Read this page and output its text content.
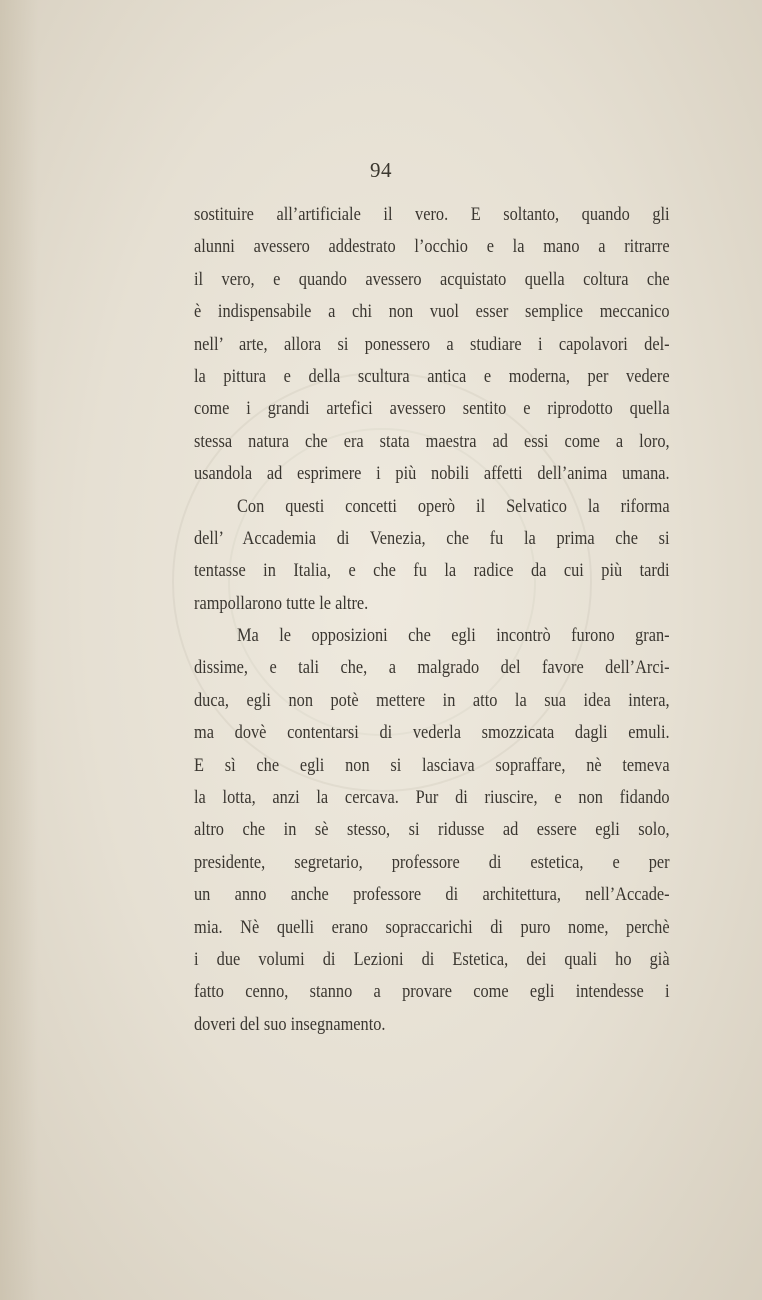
94
sostituire all’artificiale il vero. E soltanto, quando gli
alunni avessero addestrato l’occhio e la mano a ritrarre
il vero, e quando avessero acquistato quella coltura che
è indispensabile a chi non vuol esser semplice meccanico
nell’ arte, allora si ponessero a studiare i capolavori del-
la pittura e della scultura antica e moderna, per vedere
come i grandi artefici avessero sentito e riprodotto quella
stessa natura che era stata maestra ad essi come a loro,
usandola ad esprimere i più nobili affetti dell’anima umana.
Con questi concetti operò il Selvatico la riforma
dell’ Accademia di Venezia, che fu la prima che si
tentasse in Italia, e che fu la radice da cui più tardi
rampollarono tutte le altre.
Ma le opposizioni che egli incontrò furono gran-
dissime, e tali che, a malgrado del favore dell’Arci-
duca, egli non potè mettere in atto la sua idea intera,
ma dovè contentarsi di vederla smozzicata dagli emuli.
E sì che egli non si lasciava sopraffare, nè temeva
la lotta, anzi la cercava. Pur di riuscire, e non fidando
altro che in sè stesso, si ridusse ad essere egli solo,
presidente, segretario, professore di estetica, e per
un anno anche professore di architettura, nell’Accade-
mia. Nè quelli erano sopraccarichi di puro nome, perchè
i due volumi di Lezioni di Estetica, dei quali ho già
fatto cenno, stanno a provare come egli intendesse i
doveri del suo insegnamento.
